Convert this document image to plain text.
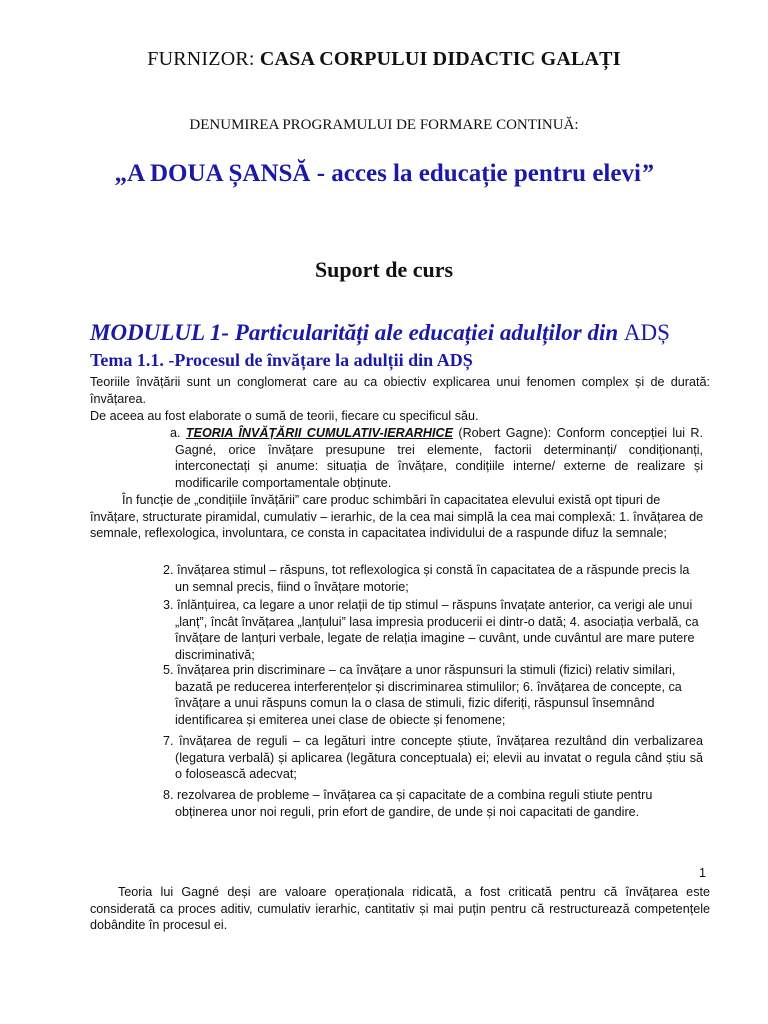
FURNIZOR: CASA CORPULUI DIDACTIC GALAȚI

DENUMIREA PROGRAMULUI DE FORMARE CONTINUĂ:

„A DOUA ȘANSĂ - acces la educație pentru elevi”

Suport de curs

MODULUL 1- Particularități ale educației adulților din ADȘ

Tema 1.1. -Procesul de învățare la adulții din ADȘ

Teoriile învățării sunt un conglomerat care au ca obiectiv explicarea unui fenomen complex și de durată: învățarea.

De aceea au fost elaborate o sumă de teorii, fiecare cu specificul său.

a. TEORIA ÎNVĂȚĂRII CUMULATIV-IERARHICE (Robert Gagne): Conform concepției lui R. Gagné, orice învățare presupune trei elemente, factorii determinanți/ condiționanți, interconectați și anume: situația de învățare, condițiile interne/ externe de realizare și modificarile comportamentale obținute.

În funcție de „condițiile învățării” care produc schimbări în capacitatea elevului există opt tipuri de învățare, structurate piramidal, cumulativ – ierarhic, de la cea mai simplă la cea mai complexă: 1. învățarea de semnale, reflexologica, involuntara, ce consta in capacitatea individului de a raspunde difuz la semnale;

2. învățarea stimul – răspuns, tot reflexologica și constă în capacitatea de a răspunde precis la un semnal precis, fiind o învățare motorie;

3. înlănțuirea, ca legare a unor relații de tip stimul – răspuns învațate anterior, ca verigi ale unui „lanț”, încât învățarea „lanțului” lasa impresia producerii ei dintr-o dată; 4. asociația verbală, ca învățare de lanțuri verbale, legate de relația imagine – cuvânt, unde cuvântul are mare putere discriminativă;

5. învățarea prin discriminare – ca învățare a unor răspunsuri la stimuli (fizici) relativ similari, bazată pe reducerea interferențelor și discriminarea stimulilor; 6. învățarea de concepte, ca învățare a unui răspuns comun la o clasa de stimuli, fizic diferiți, răspunsul însemnând identificarea și emiterea unei clase de obiecte și fenomene;

7. învățarea de reguli – ca legături intre concepte știute, învățarea rezultând din verbalizarea (legatura verbală) și aplicarea (legătura conceptuala) ei; elevii au invatat o regula când știu să o folosească adecvat;

8. rezolvarea de probleme – învățarea ca și capacitate de a combina reguli stiute pentru obținerea unor noi reguli, prin efort de gandire, de unde și noi capacitati de gandire.

1

Teoria lui Gagné deși are valoare operaționala ridicată, a fost criticată pentru că învățarea este considerată ca proces aditiv, cumulativ ierarhic, cantitativ și mai puțin pentru că restructurează competențele dobândite în procesul ei.
